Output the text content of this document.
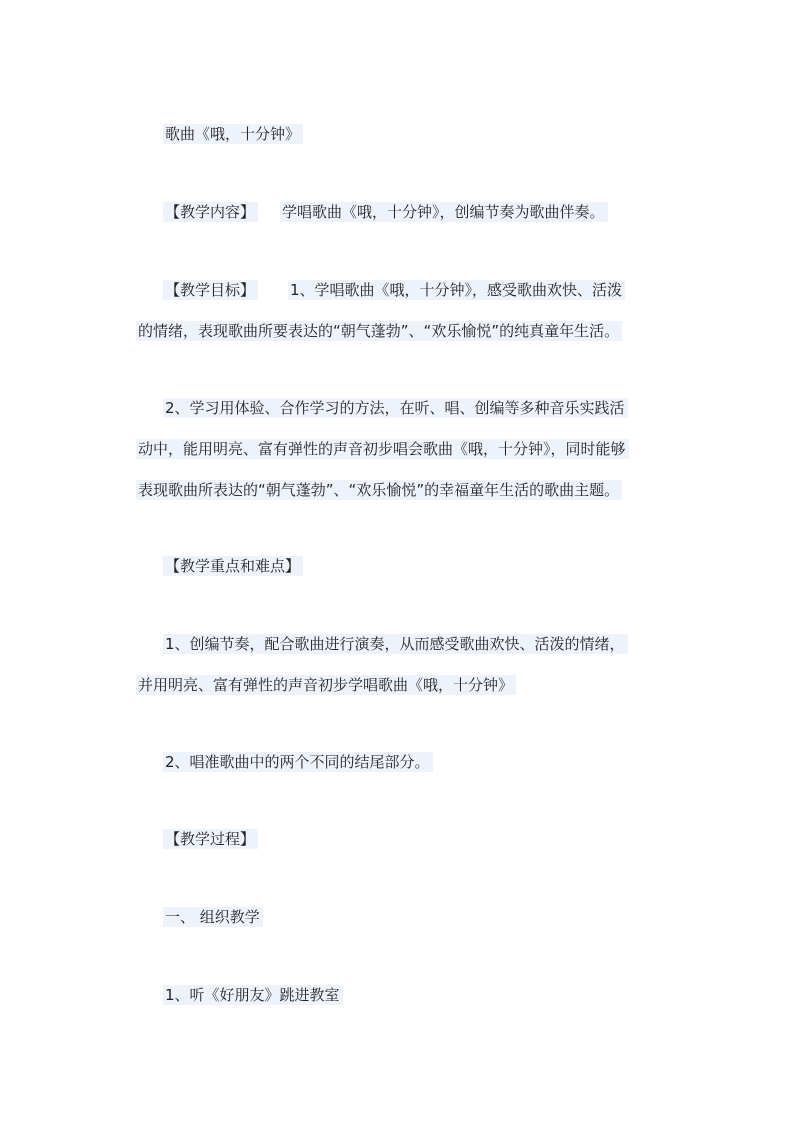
歌曲《哦，十分钟》
【教学内容】 学唱歌曲《哦，十分钟》，创编节奏为歌曲伴奏。
【教学目标】 1、学唱歌曲《哦，十分钟》，感受歌曲欢快、活泼
的情绪，表现歌曲所要表达的“朝气蓬勃”、“欢乐愉悦”的纯真童年生活。
2、学习用体验、合作学习的方法，在听、唱、创编等多种音乐实践活
动中，能用明亮、富有弹性的声音初步唱会歌曲《哦，十分钟》，同时能够
表现歌曲所表达的“朝气蓬勃”、“欢乐愉悦”的幸福童年生活的歌曲主题。
【教学重点和难点】
1、创编节奏，配合歌曲进行演奏，从而感受歌曲欢快、活泼的情绪，
并用明亮、富有弹性的声音初步学唱歌曲《哦，十分钟》
2、唱准歌曲中的两个不同的结尾部分。
【教学过程】
一、 组织教学
1、听《好朋友》跳进教室
